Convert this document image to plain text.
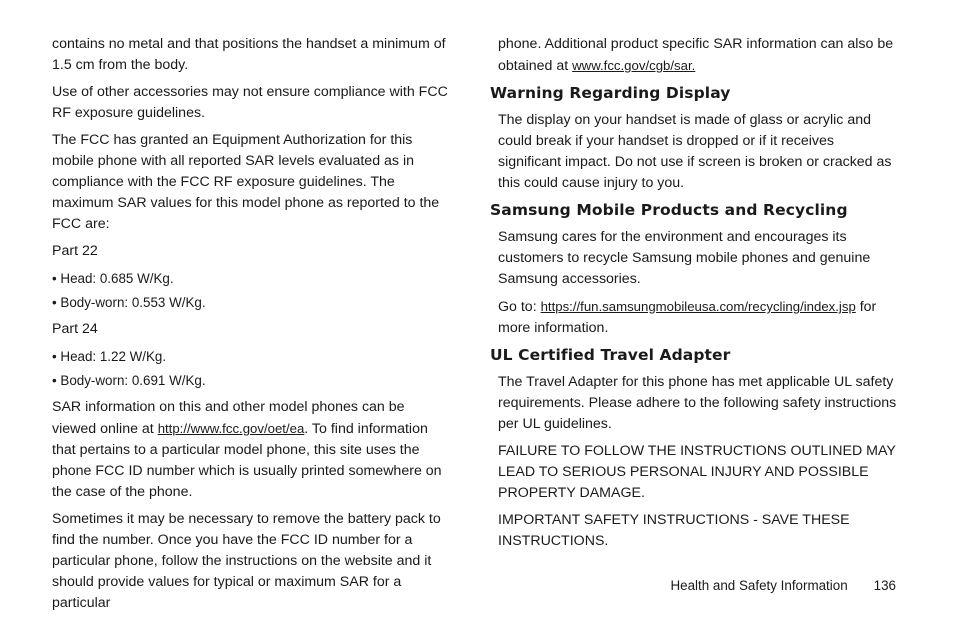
contains no metal and that positions the handset a minimum of 1.5 cm from the body.

Use of other accessories may not ensure compliance with FCC RF exposure guidelines.

The FCC has granted an Equipment Authorization for this mobile phone with all reported SAR levels evaluated as in compliance with the FCC RF exposure guidelines. The maximum SAR values for this model phone as reported to the FCC are:

Part 22

• Head: 0.685 W/Kg.

• Body-worn: 0.553 W/Kg.

Part 24

• Head: 1.22 W/Kg.

• Body-worn: 0.691 W/Kg.

SAR information on this and other model phones can be viewed online at http://www.fcc.gov/oet/ea. To find information that pertains to a particular model phone, this site uses the phone FCC ID number which is usually printed somewhere on the case of the phone.

Sometimes it may be necessary to remove the battery pack to find the number. Once you have the FCC ID number for a particular phone, follow the instructions on the website and it should provide values for typical or maximum SAR for a particular

phone. Additional product specific SAR information can also be obtained at www.fcc.gov/cgb/sar.

Warning Regarding Display

The display on your handset is made of glass or acrylic and could break if your handset is dropped or if it receives significant impact. Do not use if screen is broken or cracked as this could cause injury to you.

Samsung Mobile Products and Recycling

Samsung cares for the environment and encourages its customers to recycle Samsung mobile phones and genuine Samsung accessories.

Go to: https://fun.samsungmobileusa.com/recycling/index.jsp for more information.

UL Certified Travel Adapter

The Travel Adapter for this phone has met applicable UL safety requirements. Please adhere to the following safety instructions per UL guidelines.

FAILURE TO FOLLOW THE INSTRUCTIONS OUTLINED MAY LEAD TO SERIOUS PERSONAL INJURY AND POSSIBLE PROPERTY DAMAGE.

IMPORTANT SAFETY INSTRUCTIONS - SAVE THESE INSTRUCTIONS.

Health and Safety Information 136
